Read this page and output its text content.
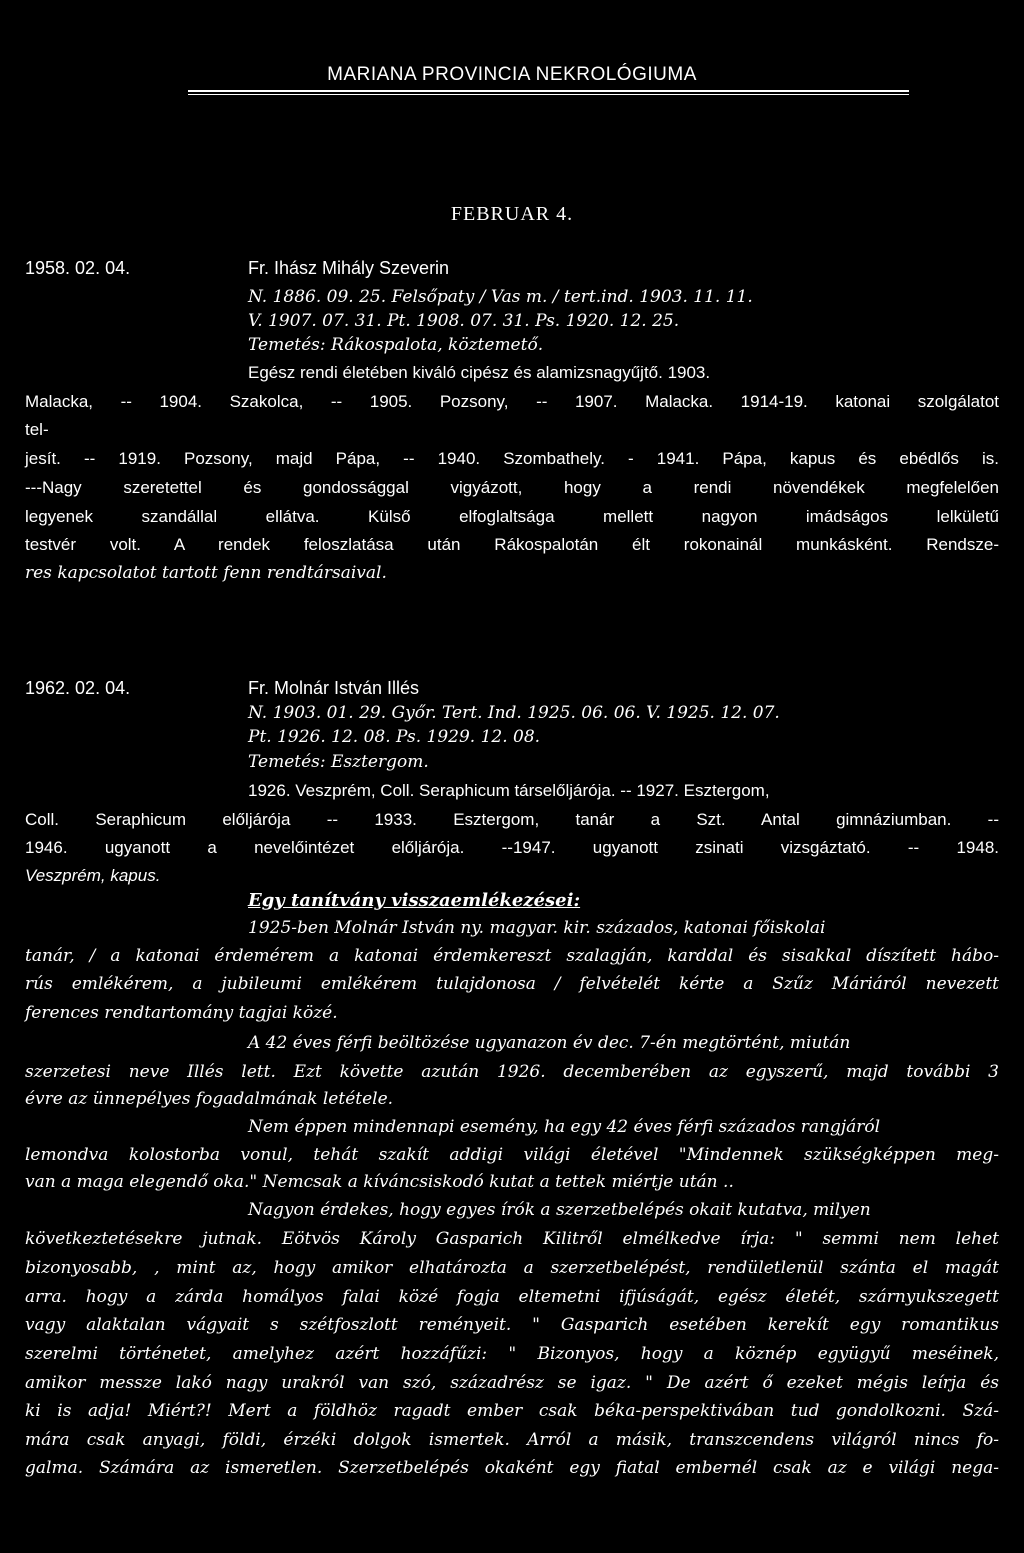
MARIANA PROVINCIA NEKROLÓGIUMA
FEBRUAR 4.
1958. 02. 04.	Fr. Ihász Mihály Szeverin
N. 1886. 09. 25. Felsőpaty / Vas m. / tert.ind. 1903. 11. 11.
V. 1907. 07. 31. Pt. 1908. 07. 31. Ps. 1920. 12. 25.
Temetés: Rákospalota, köztemető.
Egész rendi életében kiváló cipész és alamizsnagyűjtő. 1903.
Malacka, -- 1904. Szakolca, -- 1905. Pozsony, -- 1907. Malacka. 1914-19. katonai szolgálatot
tel-
jesít. -- 1919. Pozsony, majd Pápa, -- 1940. Szombathely. - 1941. Pápa, kapus és ebédlős is.
---Nagy szeretettel és gondossággal vigyázott, hogy a rendi növendékek megfelelően
legyenek szandállal ellátva. Külső elfoglaltsága mellett nagyon imádságos lelkületű
testvér volt. A rendek feloszlatása után Rákospalotán élt rokonainál munkásként. Rendsze-
res kapcsolatot tartott fenn rendtársaival.
1962. 02. 04.	Fr. Molnár István Illés
N. 1903. 01. 29. Győr. Tert. Ind. 1925. 06. 06. V. 1925. 12. 07.
Pt. 1926. 12. 08. Ps. 1929. 12. 08.
Temetés: Esztergom.
1926. Veszprém, Coll. Seraphicum társelőljárója. -- 1927. Esztergom,
Coll. Seraphicum előljárója -- 1933. Esztergom, tanár a Szt. Antal gimnáziumban. --
1946. ugyanott a nevelőintézet előljárója. --1947. ugyanott zsinati vizsgáztató. -- 1948.
Veszprém, kapus.
Egy tanítvány visszaemlékezései:
1925-ben Molnár István ny. magyar. kir. százados, katonai főiskolai
tanár, / a katonai érdemérem a katonai érdemkereszt szalagján, karddal és sisakkal díszített hábo-
rús emlékérem, a jubileumi emlékérem tulajdonosa / felvételét kérte a Szűz Máriáról nevezett
ferences rendtartomány tagjai közé.
A 42 éves férfi beöltözése ugyanazon év dec. 7-én megtörtént, miután
szerzetesi neve Illés lett. Ezt követte azután 1926. decemberében az egyszerű, majd további 3
évre az ünnepélyes fogadalmának letétele.
Nem éppen mindennapi esemény, ha egy 42 éves férfi százados rangjáról
lemondva kolostorba vonul, tehát szakít addigi világi életével "Mindennek szükségképpen meg-
van a maga elegendő oka." Nemcsak a kíváncsiskodó kutat a tettek miértje után ..
Nagyon érdekes, hogy egyes írók a szerzetbelépés okait kutatva, milyen
következtetésekre jutnak. Eötvös Károly Gasparich Kilitről elmélkedve írja: " semmi nem lehet
bizonyosabb, , mint az, hogy amikor elhatározta a szerzetbelépést, rendületlenül szánta el magát
arra. hogy a zárda homályos falai közé fogja eltemetni ifjúságát, egész életét, szárnyukszegett
vagy alaktalan vágyait s szétfoszlott reményeit. " Gasparich esetében kerekít egy romantikus
szerelmi történetet, amelyhez azért hozzáfűzi: " Bizonyos, hogy a köznép együgyű meséinek,
amikor messze lakó nagy urakról van szó, századrész se igaz. " De azért ő ezeket mégis leírja és
ki is adja! Miért?! Mert a földhöz ragadt ember csak béka-perspektivában tud gondolkozni. Szá-
mára csak anyagi, földi, érzéki dolgok ismertek. Arról a másik, transzcendens világról nincs fo-
galma. Számára az ismeretlen. Szerzetbelépés okaként egy fiatal embernél csak az e világi nega-
